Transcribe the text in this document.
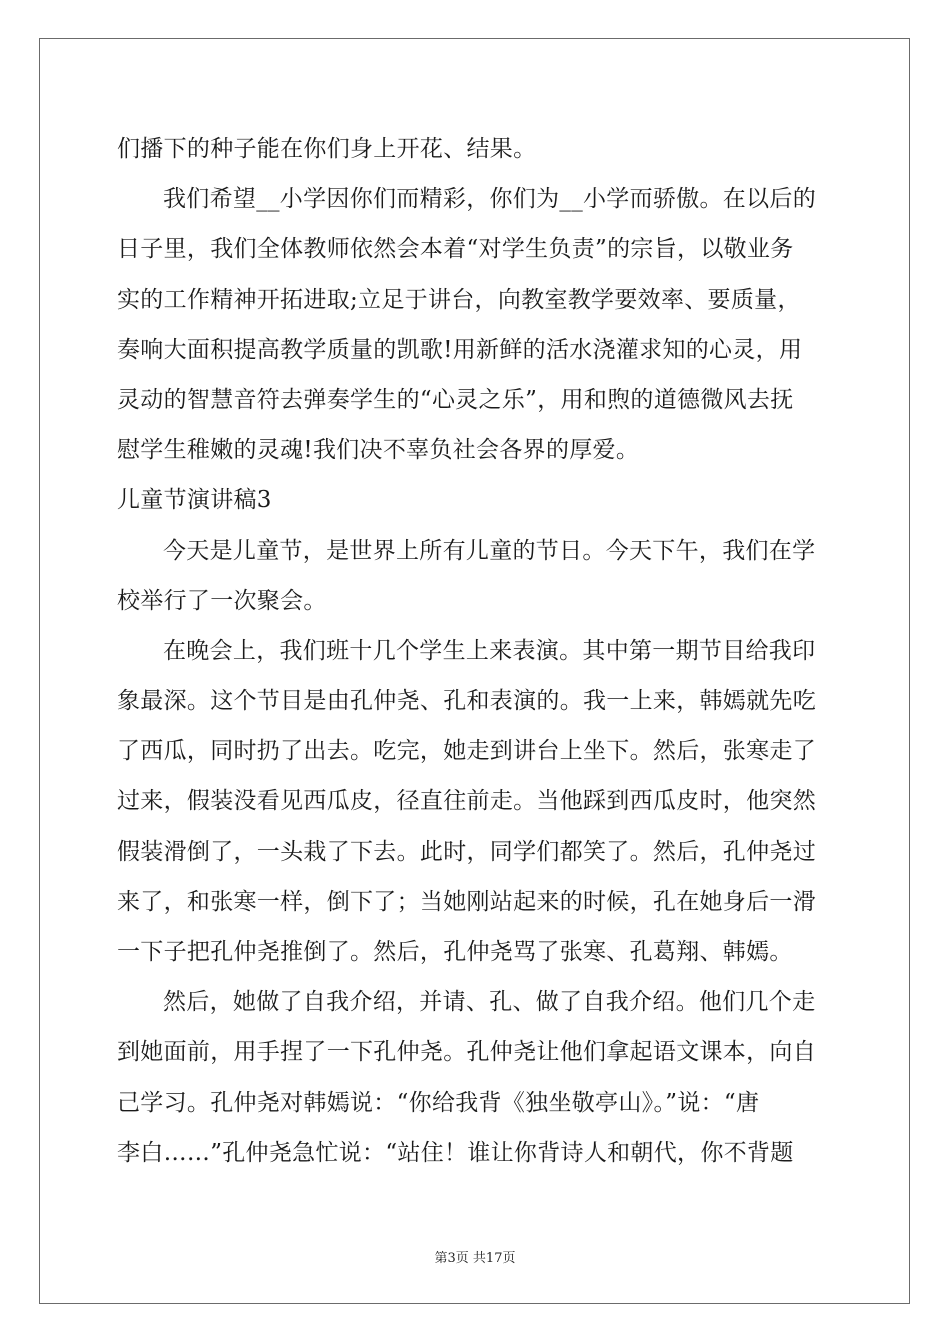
们播下的种子能在你们身上开花、结果。
我们希望__小学因你们而精彩，你们为__小学而骄傲。在以后的
日子里，我们全体教师依然会本着“对学生负责”的宗旨，以敬业务
实的工作精神开拓进取;立足于讲台，向教室教学要效率、要质量，
奏响大面积提高教学质量的凯歌!用新鲜的活水浇灌求知的心灵，用
灵动的智慧音符去弹奏学生的“心灵之乐”，用和煦的道德微风去抚
慰学生稚嫩的灵魂!我们决不辜负社会各界的厚爱。
儿童节演讲稿3
今天是儿童节，是世界上所有儿童的节日。今天下午，我们在学
校举行了一次聚会。
在晚会上，我们班十几个学生上来表演。其中第一期节目给我印
象最深。这个节目是由孔仲尧、孔和表演的。我一上来，韩嫣就先吃
了西瓜，同时扔了出去。吃完，她走到讲台上坐下。然后，张寒走了
过来，假装没看见西瓜皮，径直往前走。当他踩到西瓜皮时，他突然
假装滑倒了，一头栽了下去。此时，同学们都笑了。然后，孔仲尧过
来了，和张寒一样，倒下了；当她刚站起来的时候，孔在她身后一滑
一下子把孔仲尧推倒了。然后，孔仲尧骂了张寒、孔葛翔、韩嫣。
然后，她做了自我介绍，并请、孔、做了自我介绍。他们几个走
到她面前，用手捏了一下孔仲尧。孔仲尧让他们拿起语文课本，向自
己学习。孔仲尧对韩嫣说：“你给我背《独坐敬亭山》。”说：“唐
李白……”孔仲尧急忙说：“站住！谁让你背诗人和朝代，你不背题
第3页 共17页
